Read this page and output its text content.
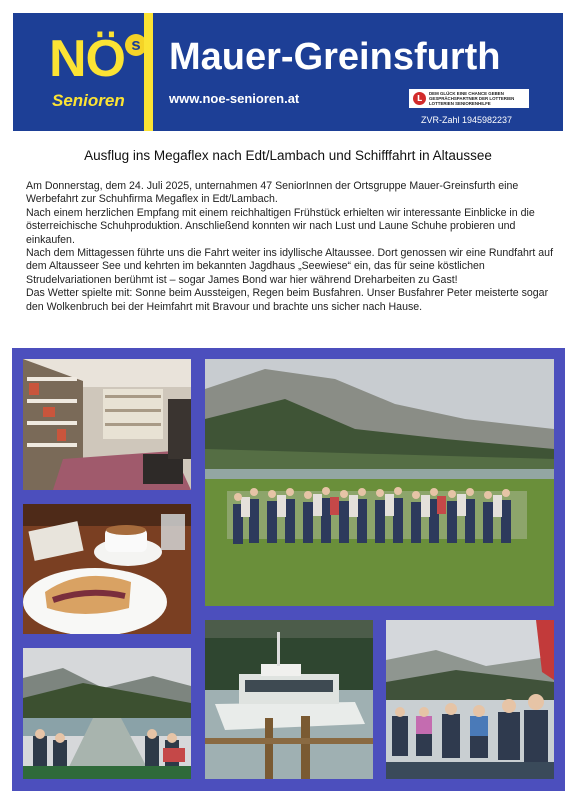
NÖ s
Senioren
Mauer-Greinsfurth
www.noe-senioren.at	L
DEM GLÜCK EINE CHANCE GEBEN
GESPRÄCHSPARTNER DER LOTTERIEN
LOTTERIEN SENIORENHILFE
ZVR-Zahl 1945982237
Ausflug ins Megaflex nach Edt/Lambach und Schifffahrt in Altaussee

Am Donnerstag, dem 24. Juli 2025, unternahmen 47 SeniorInnen der Ortsgruppe Mauer-Greinsfurth eine Werbefahrt zur Schuhfirma Megaflex in Edt/Lambach.

Nach einem herzlichen Empfang mit einem reichhaltigen Frühstück erhielten wir interessante Einblicke in die österreichische Schuhproduktion. Anschließend konnten wir nach Lust und Laune Schuhe probieren und einkaufen.

Nach dem Mittagessen führte uns die Fahrt weiter ins idyllische Altaussee. Dort genossen wir eine Rundfahrt auf dem Altausseer See und kehrten im bekannten Jagdhaus „Seewiese“ ein, das für seine köstlichen Strudelvariationen berühmt ist – sogar James Bond war hier während Dreharbeiten zu Gast!

Das Wetter spielte mit: Sonne beim Aussteigen, Regen beim Busfahren. Unser Busfahrer Peter meisterte sogar den Wolkenbruch bei der Heimfahrt mit Bravour und brachte uns sicher nach Hause.
